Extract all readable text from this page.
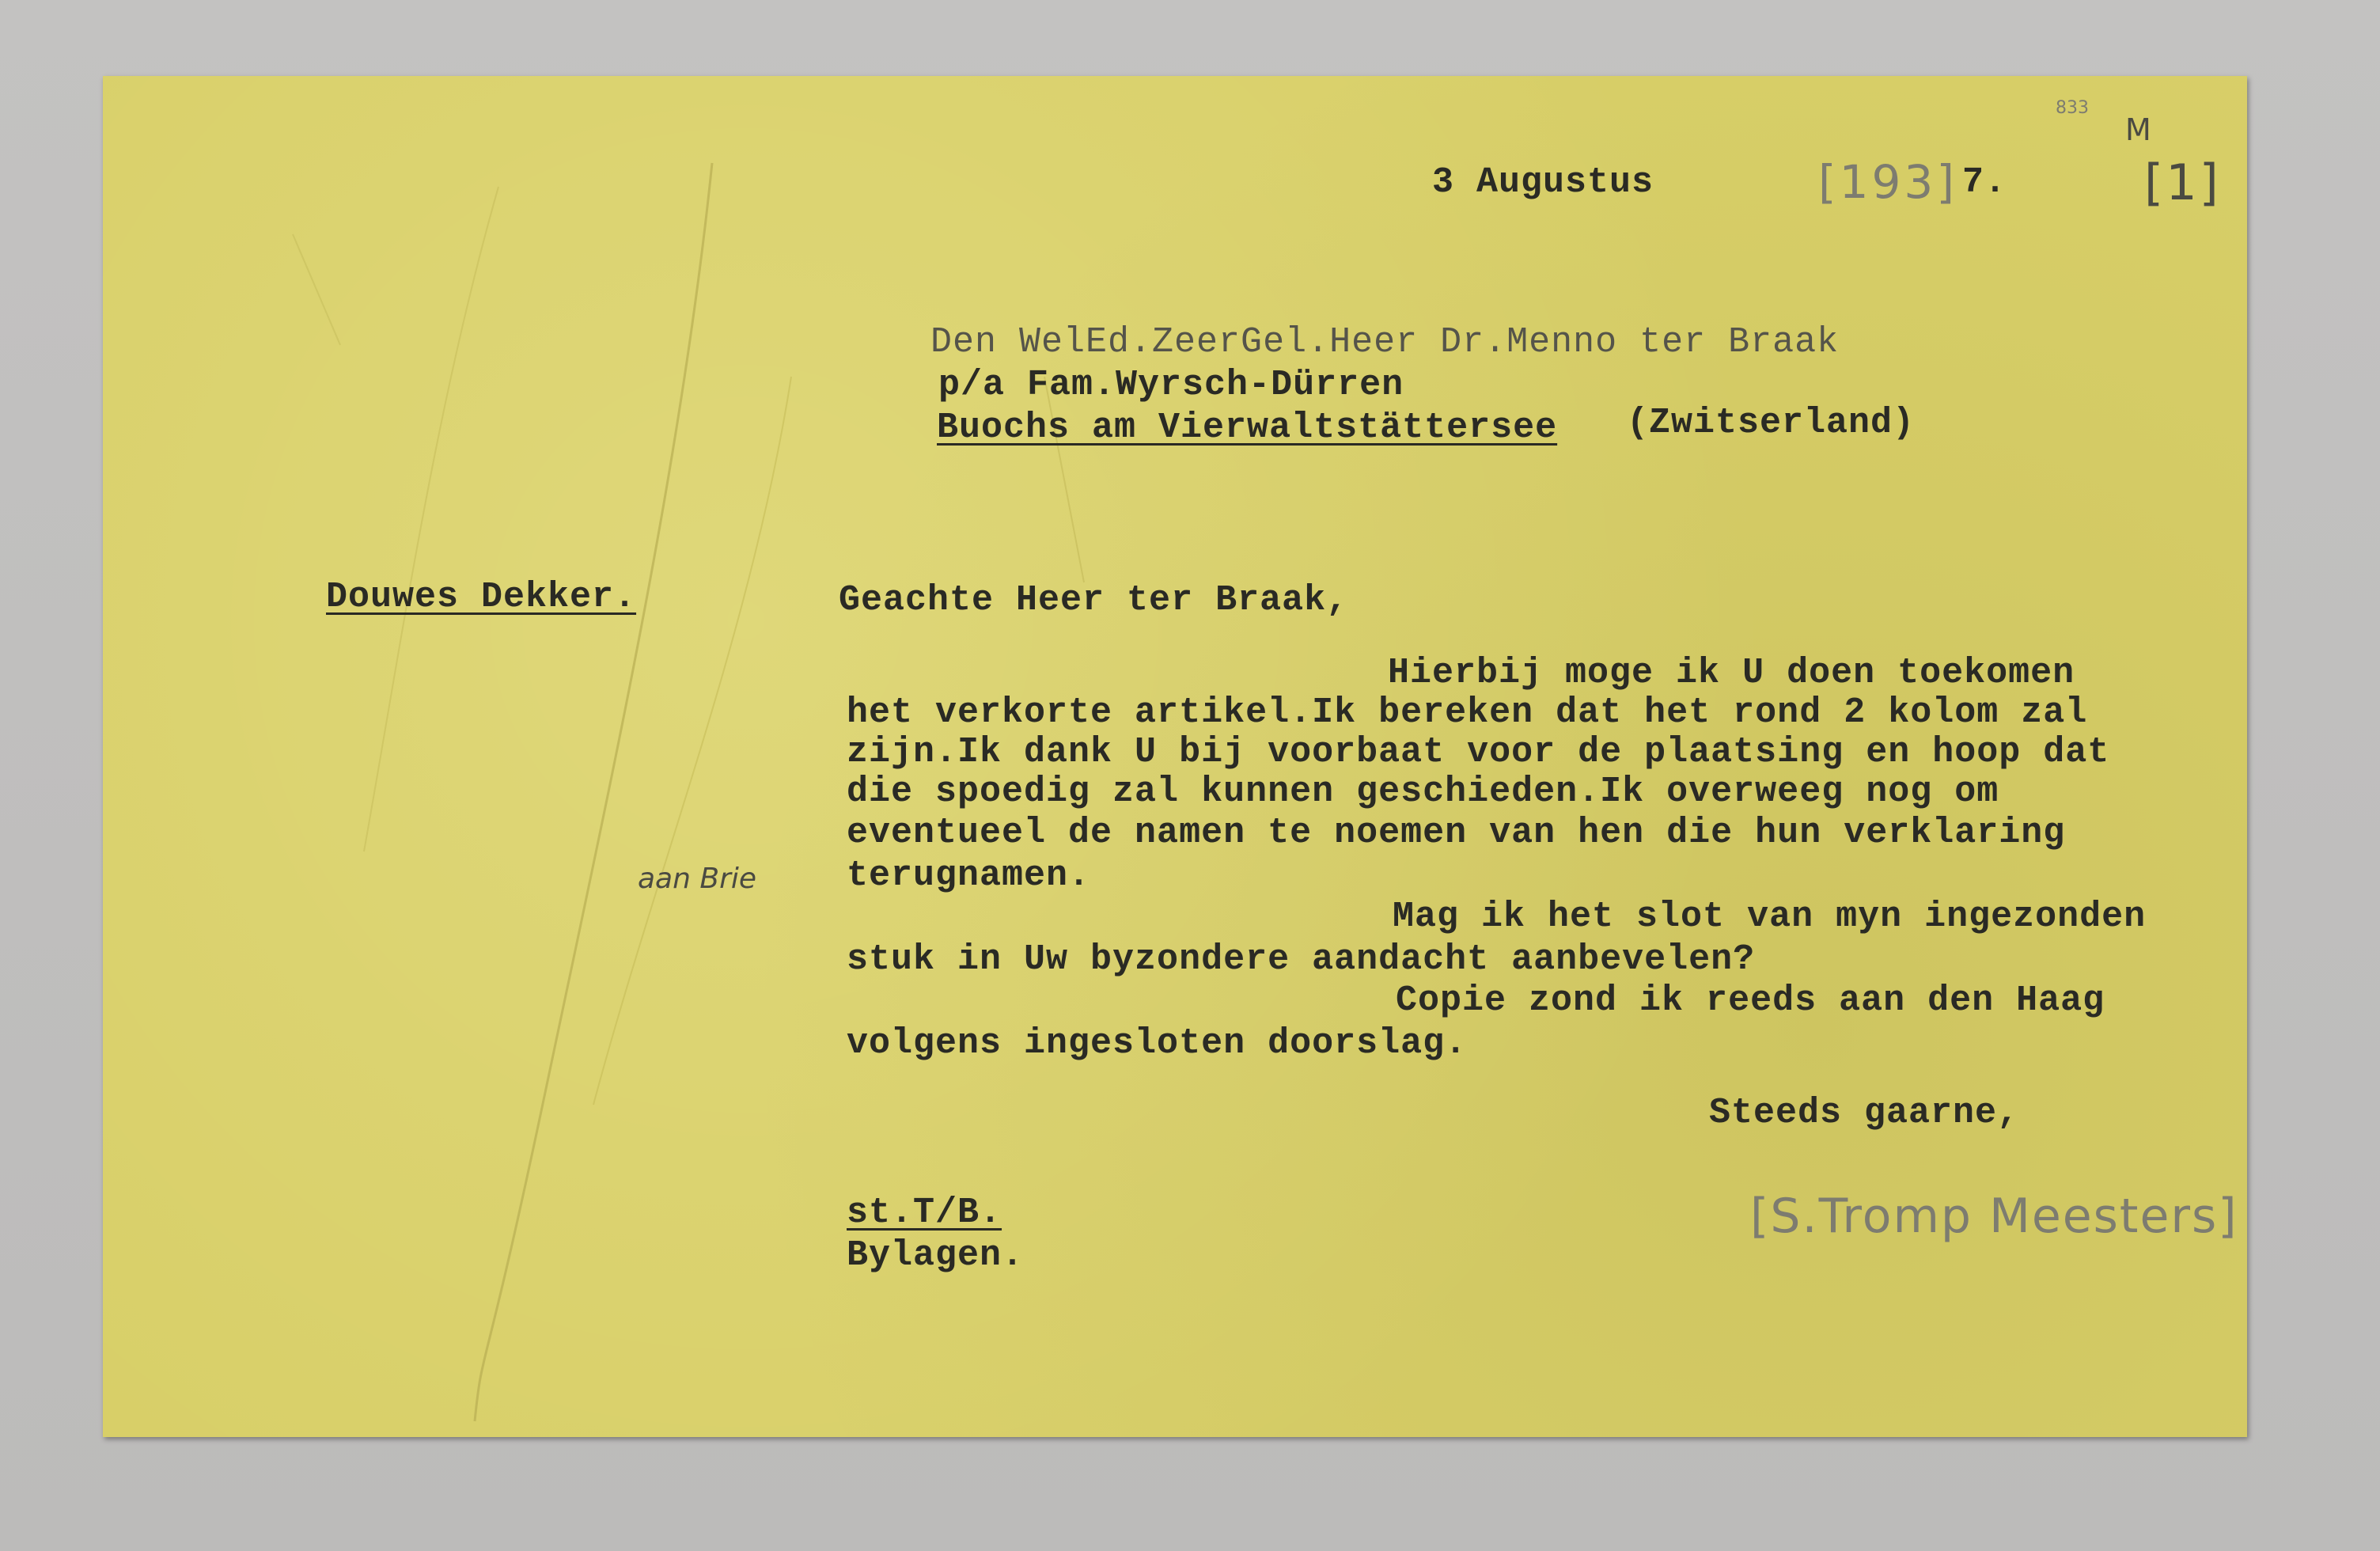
3 Augustus	[193] 7.
833
M
[1]
Den WelEd.ZeerGel.Heer Dr.Menno ter Braak
p/a Fam.Wyrsch-Dürren
Buochs am Vierwaltstättersee (Zwitserland)
Douwes Dekker.	Geachte Heer ter Braak,
Hierbij moge ik U doen toekomen
het verkorte artikel.Ik bereken dat het rond 2 kolom zal
zijn.Ik dank U bij voorbaat voor de plaatsing en hoop dat
die spoedig zal kunnen geschieden.Ik overweeg nog om
eventueel de namen te noemen van hen die hun verklaring
terugnamen.
aan Brie
Mag ik het slot van myn ingezonden
stuk in Uw byzondere aandacht aanbevelen?
Copie zond ik reeds aan den Haag
volgens ingesloten doorslag.
Steeds gaarne,
st.T/B.
Bylagen.
[S.Tromp Meesters]
